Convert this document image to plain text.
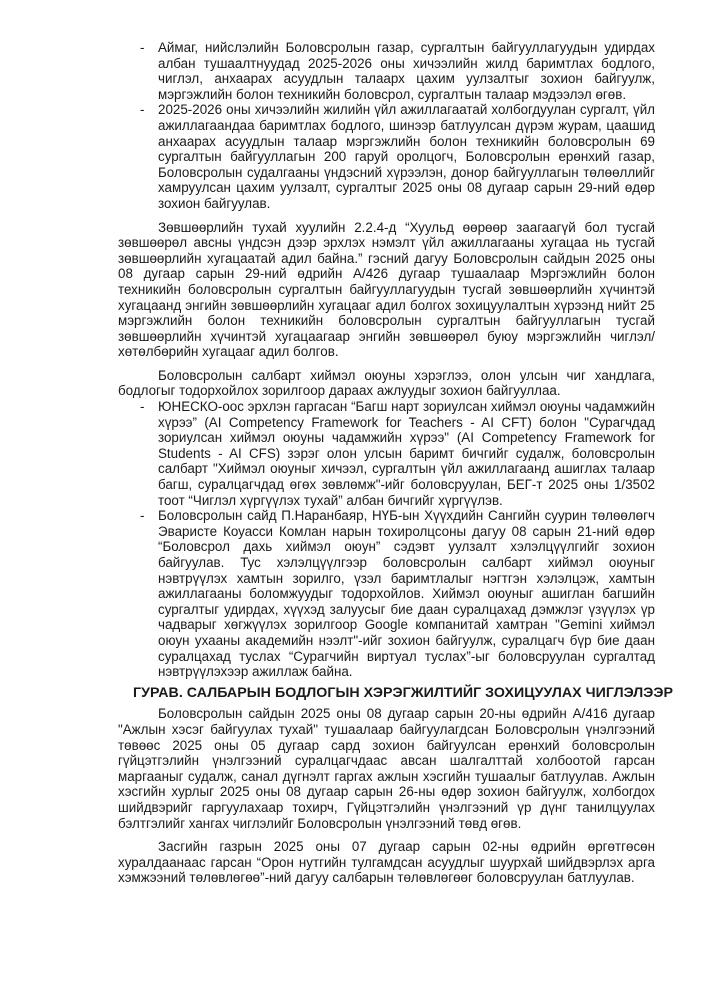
- Аймаг, нийслэлийн Боловсролын газар, сургалтын байгууллагуудын удирдах албан тушаалтнуудад 2025-2026 оны хичээлийн жилд баримтлах бодлого, чиглэл, анхаарах асуудлын талаарх цахим уулзалтыг зохион байгуулж, мэргэжлийн болон техникийн боловсрол, сургалтын талаар мэдээлэл өгөв.
- 2025-2026 оны хичээлийн жилийн үйл ажиллагаатай холбогдуулан сургалт, үйл ажиллагаандаа баримтлах бодлого, шинээр батлуулсан дүрэм журам, цаашид анхаарах асуудлын талаар мэргэжлийн болон техникийн боловсролын 69 сургалтын байгууллагын 200 гаруй оролцогч, Боловсролын ерөнхий газар, Боловсролын судалгааны үндэсний хүрээлэн, донор байгууллагын төлөөллийг хамруулсан цахим уулзалт, сургалтыг 2025 оны 08 дугаар сарын 29-ний өдөр зохион байгуулав.

Зөвшөөрлийн тухай хуулийн 2.2.4-д “Хуульд өөрөөр заагаагүй бол тусгай зөвшөөрөл авсны үндсэн дээр эрхлэх нэмэлт үйл ажиллагааны хугацаа нь тусгай зөвшөөрлийн хугацаатай адил байна.” гэсний дагуу Боловсролын сайдын 2025 оны 08 дугаар сарын 29-ний өдрийн А/426 дугаар тушаалаар Мэргэжлийн болон техникийн боловсролын сургалтын байгууллагуудын тусгай зөвшөөрлийн хүчинтэй хугацаанд энгийн зөвшөөрлийн хугацааг адил болгох зохицуулалтын хүрээнд нийт 25 мэргэжлийн болон техникийн боловсролын сургалтын байгууллагын тусгай зөвшөөрлийн хүчинтэй хугацаагаар энгийн зөвшөөрөл буюу мэргэжлийн чиглэл/хөтөлбөрийн хугацааг адил болгов.

Боловсролын салбарт хиймэл оюуны хэрэглээ, олон улсын чиг хандлага, бодлогыг тодорхойлох зорилгоор дараах ажлуудыг зохион байгууллаа.

- ЮНЕСКО-оос эрхлэн гаргасан “Багш нарт зориулсан хиймэл оюуны чадамжийн хүрээ” (AI Competency Framework for Teachers - AI CFT) болон "Сурагчдад зориулсан хиймэл оюуны чадамжийн хүрээ" (AI Competency Framework for Students - AI CFS) зэрэг олон улсын баримт бичгийг судалж, боловсролын салбарт "Хиймэл оюуныг хичээл, сургалтын үйл ажиллагаанд ашиглах талаар багш, суралцагчдад өгөх зөвлөмж"-ийг боловсруулан, БЕГ-т 2025 оны 1/3502 тоот “Чиглэл хүргүүлэх тухай” албан бичгийг хүргүүлэв.
- Боловсролын сайд П.Наранбаяр, НҮБ-ын Хүүхдийн Сангийн суурин төлөөлөгч Эваристе Коуасси Комлан нарын тохиролцсоны дагуу 08 сарын 21-ний өдөр “Боловсрол дахь хиймэл оюун” сэдэвт уулзалт хэлэлцүүлгийг зохион байгуулав. Тус хэлэлцүүлгээр боловсролын салбарт хиймэл оюуныг нэвтрүүлэх хамтын зорилго, үзэл баримтлалыг нэгтгэн хэлэлцэж, хамтын ажиллагааны боломжуудыг тодорхойлов. Хиймэл оюуныг ашиглан багшийн сургалтыг удирдах, хүүхэд залуусыг бие даан суралцахад дэмжлэг үзүүлэх үр чадварыг хөгжүүлэх зорилгоор Google компанитай хамтран "Gemini хиймэл оюун ухааны академийн нээлт"-ийг зохион байгуулж, суралцагч бүр бие даан суралцахад туслах “Сурагчийн виртуал туслах”-ыг боловсруулан сургалтад нэвтрүүлэхээр ажиллаж байна.
ГУРАВ. САЛБАРЫН БОДЛОГЫН ХЭРЭГЖИЛТИЙГ ЗОХИЦУУЛАХ ЧИГЛЭЛЭЭР

Боловсролын сайдын 2025 оны 08 дугаар сарын 20-ны өдрийн А/416 дугаар "Ажлын хэсэг байгуулах тухай" тушаалаар байгуулагдсан Боловсролын үнэлгээний төвөөс 2025 оны 05 дугаар сард зохион байгуулсан ерөнхий боловсролын гүйцэтгэлийн үнэлгээний суралцагчдаас авсан шалгалттай холбоотой гарсан маргааныг судалж, санал дүгнэлт гаргах ажлын хэсгийн тушаалыг батлуулав. Ажлын хэсгийн хурлыг 2025 оны 08 дугаар сарын 26-ны өдөр зохион байгуулж, холбогдох шийдвэрийг гаргуулахаар тохирч, Гүйцэтгэлийн үнэлгээний үр дүнг танилцуулах бэлтгэлийг хангах чиглэлийг Боловсролын үнэлгээний төвд өгөв.

Засгийн газрын 2025 оны 07 дугаар сарын 02-ны өдрийн өргөтгөсөн хуралдаанаас гарсан “Орон нутгийн тулгамдсан асуудлыг шуурхай шийдвэрлэх арга хэмжээний төлөвлөгөө”-ний дагуу салбарын төлөвлөгөөг боловсруулан батлуулав.
